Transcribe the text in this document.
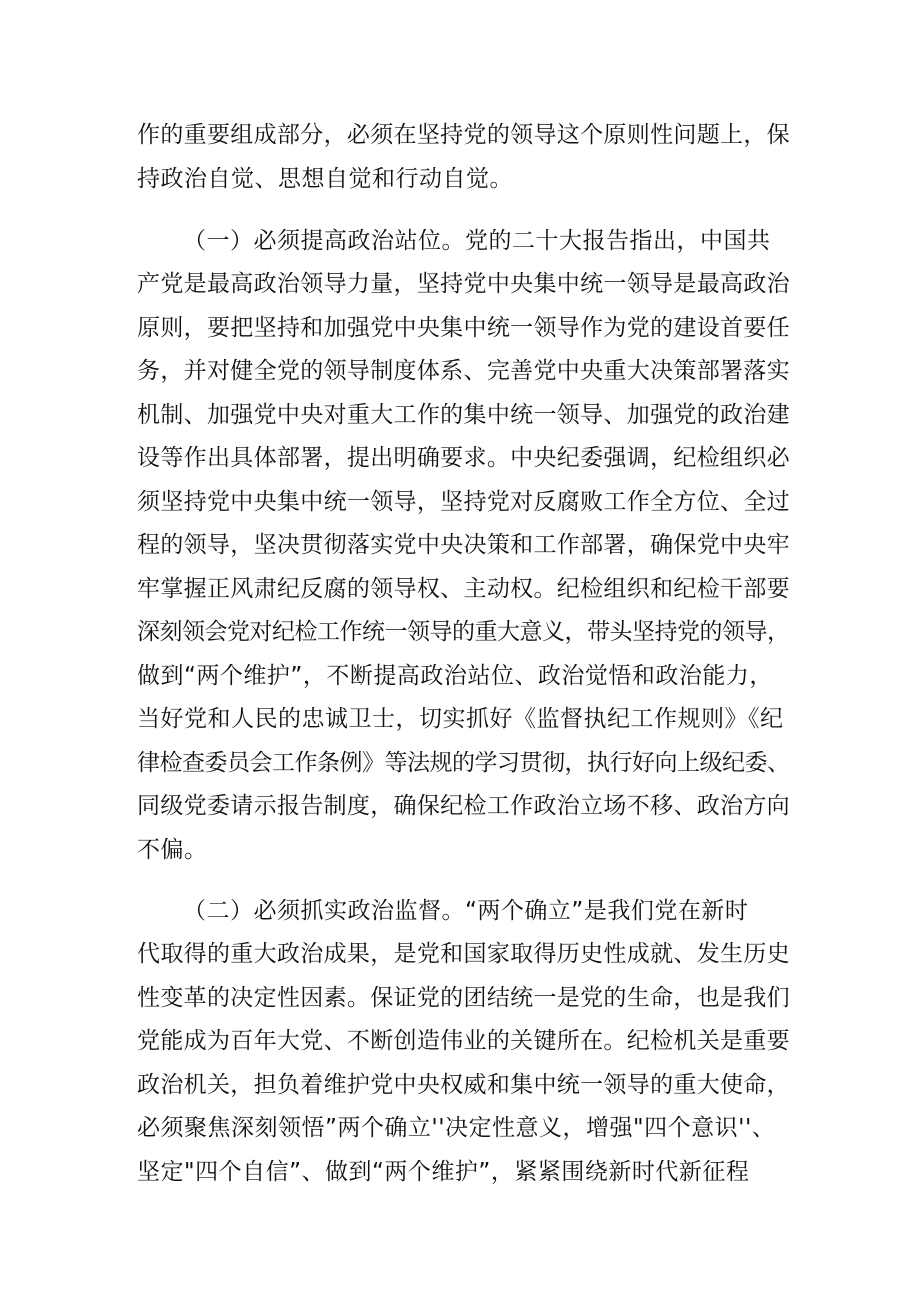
作的重要组成部分，必须在坚持党的领导这个原则性问题上，保
持政治自觉、思想自觉和行动自觉。
（一）必须提高政治站位。党的二十大报告指出，中国共
产党是最高政治领导力量，坚持党中央集中统一领导是最高政治
原则，要把坚持和加强党中央集中统一领导作为党的建设首要任
务，并对健全党的领导制度体系、完善党中央重大决策部署落实
机制、加强党中央对重大工作的集中统一领导、加强党的政治建
设等作出具体部署，提出明确要求。中央纪委强调，纪检组织必
须坚持党中央集中统一领导，坚持党对反腐败工作全方位、全过
程的领导，坚决贯彻落实党中央决策和工作部署，确保党中央牢
牢掌握正风肃纪反腐的领导权、主动权。纪检组织和纪检干部要
深刻领会党对纪检工作统一领导的重大意义，带头坚持党的领导，
做到“两个维护”，不断提高政治站位、政治觉悟和政治能力，
当好党和人民的忠诚卫士，切实抓好《监督执纪工作规则》《纪
律检查委员会工作条例》等法规的学习贯彻，执行好向上级纪委、
同级党委请示报告制度，确保纪检工作政治立场不移、政治方向
不偏。
（二）必须抓实政治监督。“两个确立”是我们党在新时
代取得的重大政治成果，是党和国家取得历史性成就、发生历史
性变革的决定性因素。保证党的团结统一是党的生命，也是我们
党能成为百年大党、不断创造伟业的关键所在。纪检机关是重要
政治机关，担负着维护党中央权威和集中统一领导的重大使命，
必须聚焦深刻领悟”两个确立''决定性意义，增强"四个意识''、
坚定"四个自信”、做到“两个维护”，紧紧围绕新时代新征程
